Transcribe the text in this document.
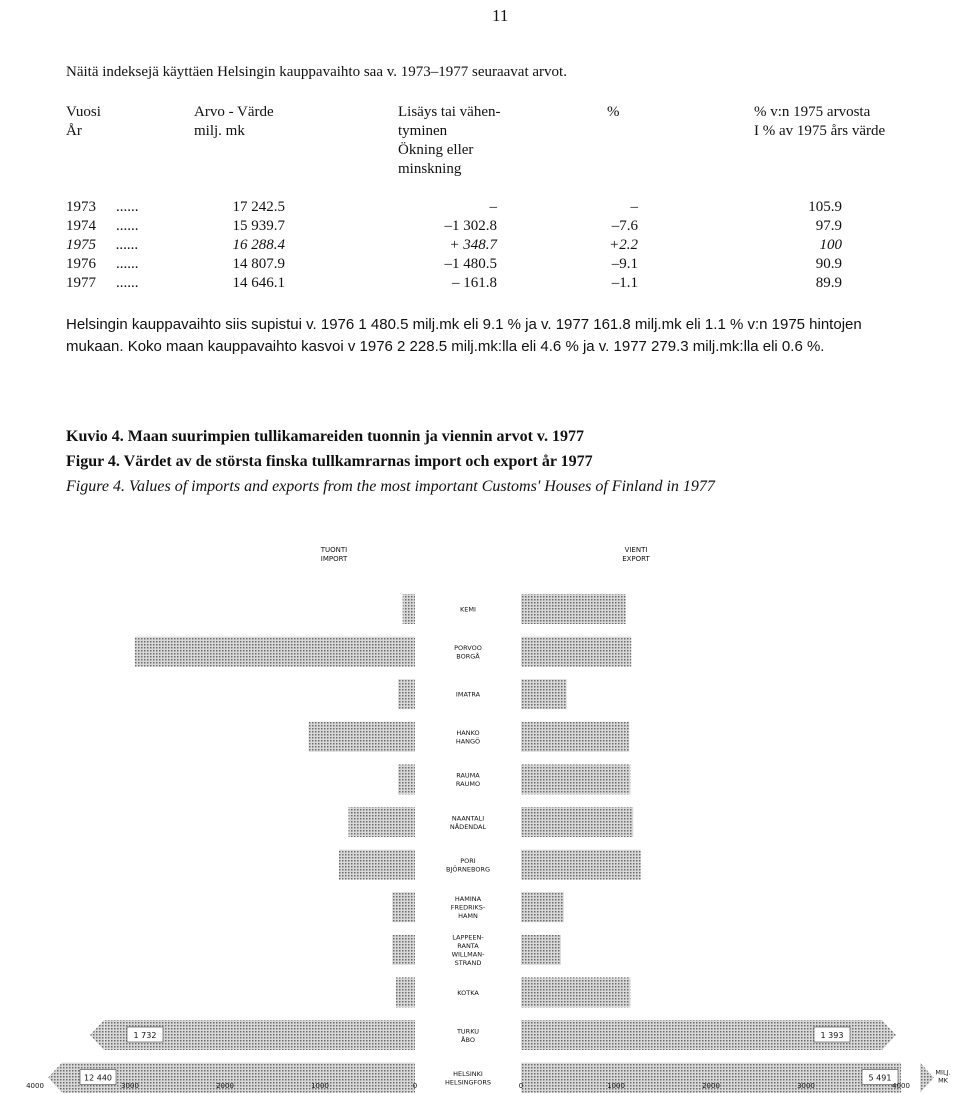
11
Näitä indeksejä käyttäen Helsingin kauppavaihto saa v. 1973–1977 seuraavat arvot.
Vuosi
År
Arvo - Värde
milj. mk
Lisäys tai vähen-
tyminen
Ökning eller
minskning
%	% v:n 1975 arvosta
I % av 1975 års värde
1973	......	17 242.5	–	–	105.9
1974	......	15 939.7	–1 302.8	–7.6	97.9
1975	......	16 288.4	+ 348.7	+2.2	100
1976	......	14 807.9	–1 480.5	–9.1	90.9
1977	......	14 646.1	– 161.8	–1.1	89.9
Helsingin kauppavaihto siis supistui v. 1976 1 480.5 milj.mk eli 9.1 % ja v. 1977 161.8 milj.mk eli 1.1 % v:n 1975 hintojen mukaan. Koko maan kauppavaihto kasvoi v 1976 2 228.5 milj.mk:lla eli 4.6 % ja v. 1977 279.3 milj.mk:lla eli 0.6 %.
Kuvio 4. Maan suurimpien tullikamareiden tuonnin ja viennin arvot v. 1977
Figur 4. Värdet av de största finska tullkamrarnas import och export år 1977
Figure 4. Values of imports and exports from the most important Customs' Houses of Finland in 1977
TUONTI
IMPORT
VIENTI
EXPORT
KEMI
PORVOO
BORGÅ
IMATRA
HANKO
HANGÖ
RAUMA
RAUMO
NAANTALI
NÅDENDAL
PORI
BJÖRNEBORG
HAMINA
FREDRIKS-
HAMN
LAPPEEN-
RANTA
WILLMAN-
STRAND
KOTKA
TURKU
ÅBO
HELSINKI
HELSINGFORS
1 732	1 393
12 440	5 491
MILJ.
MK
4000	3000	2000	1000	0	0	1000	2000	3000	4000
